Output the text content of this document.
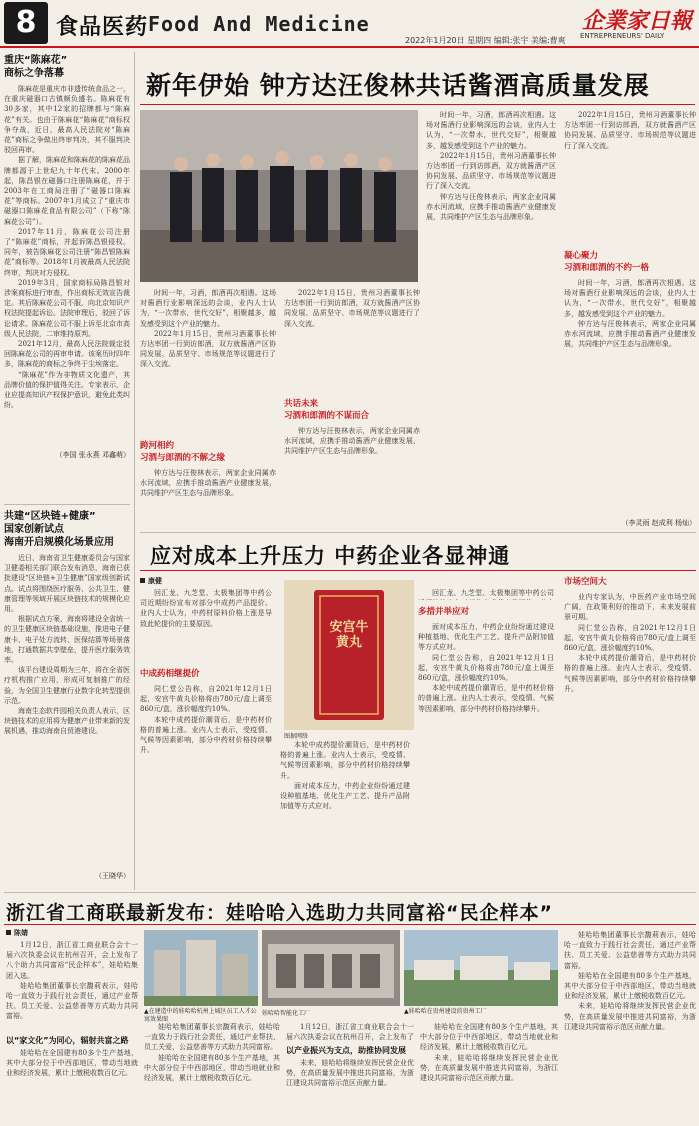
8 食品医药 Food And Medicine
2022年1月20日 星期四 编辑:张宇 美编:曹爽
企業家日報
ENTREPRENEURS' DAILY
重庆“陈麻花”
商标之争落幕

陈麻花是重庆市非遗传统食品之一，在重庆磁器口古镇颇负盛名。陈麻花有30多家，其中12家的招牌都与“陈麻花”有关。也由于陈麻花“陈麻花”商标权争夺战，近日，最高人民法院对“陈麻花”商标之争做出终审判决，其不服判决驳回再审。

据了解，陈麻花和陈麻花的陈麻花品牌都源于上世纪九十年代末。2000年起，陈昌银在磁器口注册陈麻花，并于2003年在工商局注册了“磁器口陈麻花”等商标。2007年1月成立了“重庆市磁器口陈麻花食品有限公司”（下称“陈麻花公司”）。

2017年11月，陈麻花公司注册了“陈麻花”商标，并起诉陈昌银侵权。同年，被告陈麻花公司注册“陈昌银陈麻花”商标等。2018年1月被最高人民法院终审，判决对方侵权。

2019年3月，国家商标局陈昌银对涉案商标进行审查，作出商标无效宣告裁定。其后陈麻花公司不服，向北京知识产权法院提起诉讼。法院审理后，驳回了诉讼请求。陈麻花公司不服上诉至北京市高级人民法院，二审维持原判。

2021年12月，最高人民法院裁定驳回陈麻花公司的再审申请。该案历时四年多，陈麻花的商标之争终于尘埃落定。

“陈麻花”作为非物质文化遗产，其品牌价值的保护值得关注。专家表示，企业应提高知识产权保护意识，避免此类纠纷。

（李国 张永燕 邓鑫萌）
共建“区块链+健康”
国家创新试点
海南开启规模化场景应用

近日，海南省卫生健康委员会与国家卫健委相关部门联合发布消息，海南已获批建设“区块链+卫生健康”国家级创新试点。试点将围绕医疗服务、公共卫生、健康管理等领域开展区块链技术的规模化应用。

根据试点方案，海南将建设全省统一的卫生健康区块链基础设施，推进电子健康卡、电子处方流转、医保结算等场景落地，打通数据共享壁垒，提升医疗服务效率。

该平台建设周期为三年，将在全省医疗机构推广应用，形成可复制推广的经验，为全国卫生健康行业数字化转型提供示范。

海南生态软件园相关负责人表示，区块链技术的应用将为健康产业带来新的发展机遇，推动海南自贸港建设。

（王晓华）
新年伊始 钟方达汪俊林共话酱酒高质量发展

时间一年，习酒，郎酒再次相遇。这场对酱酒行业影响深远的会谈，业内人士认为，“一次带水，世代交好”，相聚越多，越发感受到这个产业的魅力。

2022年1月15日，贵州习酒董事长钟方达率团一行到访郎酒，双方就酱酒产区协同发展、品质坚守、市场规范等议题进行了深入交流。

跨河相约
习酒与郎酒的不解之缘

钟方达与汪俊林表示，两家企业同属赤水河流域，应携手推动酱酒产业健康发展，共同维护产区生态与品牌形象。

2022年1月15日，贵州习酒董事长钟方达率团一行到访郎酒，双方就酱酒产区协同发展、品质坚守、市场规范等议题进行了深入交流。

共话未来
习酒和郎酒的不谋而合

钟方达与汪俊林表示，两家企业同属赤水河流域，应携手推动酱酒产业健康发展，共同维护产区生态与品牌形象。

时间一年，习酒，郎酒再次相遇。这场对酱酒行业影响深远的会谈，业内人士认为，“一次带水，世代交好”，相聚越多，越发感受到这个产业的魅力。

2022年1月15日，贵州习酒董事长钟方达率团一行到访郎酒，双方就酱酒产区协同发展、品质坚守、市场规范等议题进行了深入交流。

钟方达与汪俊林表示，两家企业同属赤水河流域，应携手推动酱酒产业健康发展，共同维护产区生态与品牌形象。

2022年1月15日，贵州习酒董事长钟方达率团一行到访郎酒，双方就酱酒产区协同发展、品质坚守、市场规范等议题进行了深入交流。

凝心聚力
习酒和郎酒的不约一格

时间一年，习酒，郎酒再次相遇。这场对酱酒行业影响深远的会谈，业内人士认为，“一次带水，世代交好”，相聚越多，越发感受到这个产业的魅力。

钟方达与汪俊林表示，两家企业同属赤水河流域，应携手推动酱酒产业健康发展，共同维护产区生态与品牌形象。

（李灵雨 赵成利 杨灿）
应对成本上升压力 中药企业各显神通
康健

回汇龙、九芝堂、太极集团等中药公司近期纷纷宣布对部分中成药产品提价。业内人士认为，中药材原料价格上涨是导致此轮提价的主要原因。

中成药相继提价

同仁堂公告称，自2021年12月1日起，安宫牛黄丸价格将由780元/盒上调至860元/盒，涨价幅度约10%。

本轮中成药提价潮背后，是中药材价格的普遍上涨。业内人士表示，受疫情、气候等因素影响，部分中药材价格持续攀升。

本轮中成药提价潮背后，是中药材价格的普遍上涨。业内人士表示，受疫情、气候等因素影响，部分中药材价格持续攀升。

面对成本压力，中药企业纷纷通过建设种植基地、优化生产工艺、提升产品附加值等方式应对。

安宫牛黄丸
图据网络

回汇龙、九芝堂、太极集团等中药公司

多措并举应对

面对成本压力，中药企业纷纷通过建设种植基地、优化生产工艺、提升产品附加值等方式应对。

同仁堂公告称，自2021年12月1日起，安宫牛黄丸价格将由780元/盒上调至860元/盒，涨价幅度约10%。

本轮中成药提价潮背后，是中药材价格的普遍上涨。业内人士表示，受疫情、气候等因素影响，部分中药材价格持续攀升。

市场空间大

业内专家认为，中医药产业市场空间广阔，在政策利好的推动下，未来发展前景可期。

同仁堂公告称，自2021年12月1日起，安宫牛黄丸价格将由780元/盒上调至860元/盒，涨价幅度约10%。

本轮中成药提价潮背后，是中药材价格的普遍上涨。业内人士表示，受疫情、气候等因素影响，部分中药材价格持续攀升。

浙江省工商联最新发布：娃哈哈入选助力共同富裕“民企样本”
陈婧

1月12日，浙江省工商业联合会十一届六次执委会议在杭州召开，会上发布了八个助力共同富裕“民企样本”，娃哈哈集团入选。

娃哈哈集团董事长宗馥莉表示，娃哈哈一直致力于践行社会责任，通过产业帮扶、员工关爱、公益慈善等方式助力共同富裕。

以“家文化”为同心，辐射共富之路

娃哈哈在全国建有80多个生产基地，其中大部分位于中西部地区，带动当地就业和经济发展，累计上缴税收数百亿元。

▲在建造中的娃哈哈杭州上城区员工人才公寓效果图
娃哈哈智能化工厂	▲娃哈哈在贵州建设的贵州工厂

娃哈哈集团董事长宗馥莉表示，娃哈哈一直致力于践行社会责任，通过产业帮扶、员工关爱、公益慈善等方式助力共同富裕。

娃哈哈在全国建有80多个生产基地，其中大部分位于中西部地区，带动当地就业和经济发展，累计上缴税收数百亿元。

1月12日，浙江省工商业联合会十一届六次执委会议在杭州召开，会上发布了

以产业振兴为支点，助推协同发展

未来，娃哈哈将继续发挥民营企业优势，在高质量发展中推进共同富裕，为浙江建设共同富裕示范区贡献力量。

娃哈哈在全国建有80多个生产基地，其中大部分位于中西部地区，带动当地就业和经济发展，累计上缴税收数百亿元。

未来，娃哈哈将继续发挥民营企业优势，在高质量发展中推进共同富裕，为浙江建设共同富裕示范区贡献力量。

娃哈哈集团董事长宗馥莉表示，娃哈哈一直致力于践行社会责任，通过产业帮扶、员工关爱、公益慈善等方式助力共同富裕。

娃哈哈在全国建有80多个生产基地，其中大部分位于中西部地区，带动当地就业和经济发展，累计上缴税收数百亿元。

未来，娃哈哈将继续发挥民营企业优势，在高质量发展中推进共同富裕，为浙江建设共同富裕示范区贡献力量。
